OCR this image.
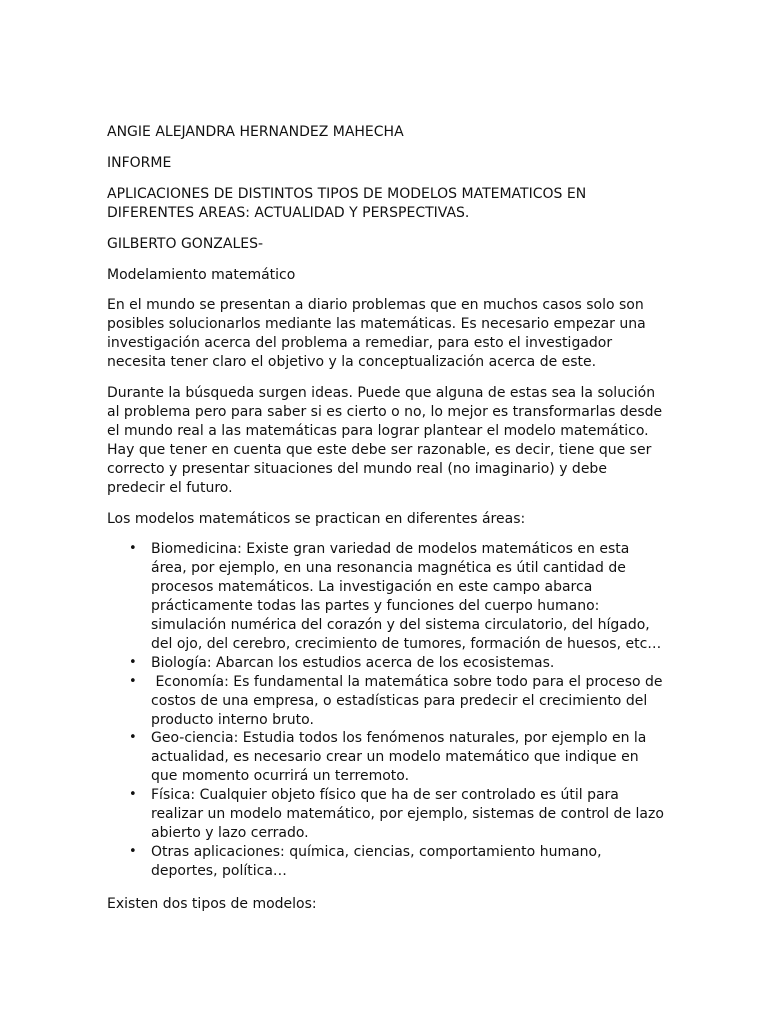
ANGIE ALEJANDRA HERNANDEZ MAHECHA

INFORME

APLICACIONES DE DISTINTOS TIPOS DE MODELOS MATEMATICOS EN DIFERENTES AREAS: ACTUALIDAD Y PERSPECTIVAS.

GILBERTO GONZALES-

Modelamiento matemático

En el mundo se presentan a diario problemas que en muchos casos solo son posibles solucionarlos mediante las matemáticas. Es necesario empezar una investigación acerca del problema a remediar, para esto el investigador necesita tener claro el objetivo y la conceptualización acerca de este.

Durante la búsqueda surgen ideas. Puede que alguna de estas sea la solución al problema pero para saber si es cierto o no, lo mejor es transformarlas desde el mundo real a las matemáticas para lograr plantear el modelo matemático. Hay que tener en cuenta que este debe ser razonable, es decir, tiene que ser correcto y presentar situaciones del mundo real (no imaginario) y debe predecir el futuro.

Los modelos matemáticos se practican en diferentes áreas:

• Biomedicina: Existe gran variedad de modelos matemáticos en esta área, por ejemplo, en una resonancia magnética es útil cantidad de procesos matemáticos. La investigación en este campo abarca prácticamente todas las partes y funciones del cuerpo humano: simulación numérica del corazón y del sistema circulatorio, del hígado, del ojo, del cerebro, crecimiento de tumores, formación de huesos, etc…
• Biología: Abarcan los estudios acerca de los ecosistemas.
• Economía: Es fundamental la matemática sobre todo para el proceso de costos de una empresa, o estadísticas para predecir el crecimiento del producto interno bruto.
• Geo-ciencia: Estudia todos los fenómenos naturales, por ejemplo en la actualidad, es necesario crear un modelo matemático que indique en que momento ocurrirá un terremoto.
• Física: Cualquier objeto físico que ha de ser controlado es útil para realizar un modelo matemático, por ejemplo, sistemas de control de lazo abierto y lazo cerrado.
• Otras aplicaciones: química, ciencias, comportamiento humano, deportes, política…

Existen dos tipos de modelos:
